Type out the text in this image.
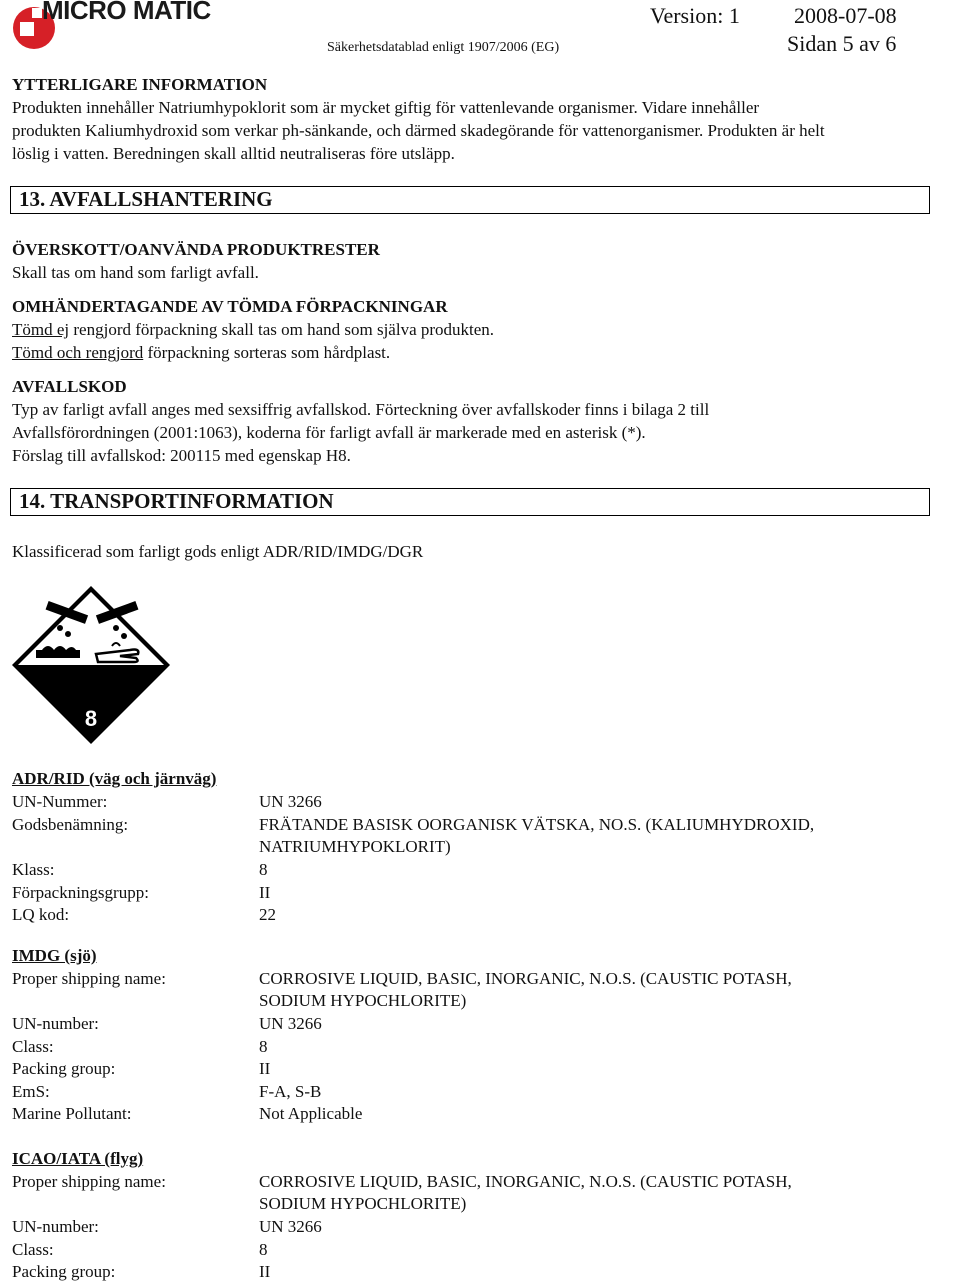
MICRO MATIC	Version: 1 2008-07-08
Säkerhetsdatablad enligt 1907/2006 (EG)	Sidan 5 av 6
YTTERLIGARE INFORMATION
Produkten innehåller Natriumhypoklorit som är mycket giftig för vattenlevande organismer. Vidare innehåller
produkten Kaliumhydroxid som verkar ph-sänkande, och därmed skadegörande för vattenorganismer. Produkten är helt
löslig i vatten. Beredningen skall alltid neutraliseras före utsläpp.
13. AVFALLSHANTERING
ÖVERSKOTT/OANVÄNDA PRODUKTRESTER
Skall tas om hand som farligt avfall.
OMHÄNDERTAGANDE AV TÖMDA FÖRPACKNINGAR
Tömd ej rengjord förpackning skall tas om hand som själva produkten.
Tömd och rengjord förpackning sorteras som hårdplast.
AVFALLSKOD
Typ av farligt avfall anges med sexsiffrig avfallskod. Förteckning över avfallskoder finns i bilaga 2 till
Avfallsförordningen (2001:1063), koderna för farligt avfall är markerade med en asterisk (*).
Förslag till avfallskod: 200115 med egenskap H8.
14. TRANSPORTINFORMATION
Klassificerad som farligt gods enligt ADR/RID/IMDG/DGR
8
ADR/RID (väg och järnväg)
UN-Nummer:	UN 3266
Godsbenämning:	FRÄTANDE BASISK OORGANISK VÄTSKA, NO.S. (KALIUMHYDROXID,
NATRIUMHYPOKLORIT)
Klass:	8
Förpackningsgrupp:	II
LQ kod:	22
IMDG (sjö)
Proper shipping name:	CORROSIVE LIQUID, BASIC, INORGANIC, N.O.S. (CAUSTIC POTASH,
SODIUM HYPOCHLORITE)
UN-number:	UN 3266
Class:	8
Packing group:	II
EmS:	F-A, S-B
Marine Pollutant:	Not Applicable
ICAO/IATA (flyg)
Proper shipping name:	CORROSIVE LIQUID, BASIC, INORGANIC, N.O.S. (CAUSTIC POTASH,
SODIUM HYPOCHLORITE)
UN-number:	UN 3266
Class:	8
Packing group:	II
